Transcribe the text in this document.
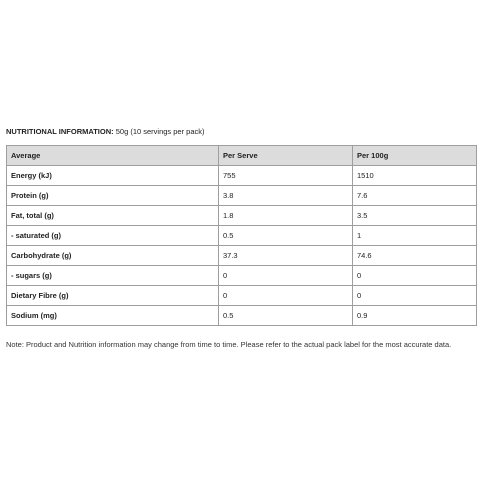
NUTRITIONAL INFORMATION: 50g (10 servings per pack)
Average	Per Serve	Per 100g
Energy (kJ)	755	1510
Protein (g)	3.8	7.6
Fat, total (g)	1.8	3.5
- saturated (g)	0.5	1
Carbohydrate (g)	37.3	74.6
- sugars (g)	0	0
Dietary Fibre (g)	0	0
Sodium (mg)	0.5	0.9
Note: Product and Nutrition information may change from time to time. Please refer to the actual pack label for the most accurate data.
